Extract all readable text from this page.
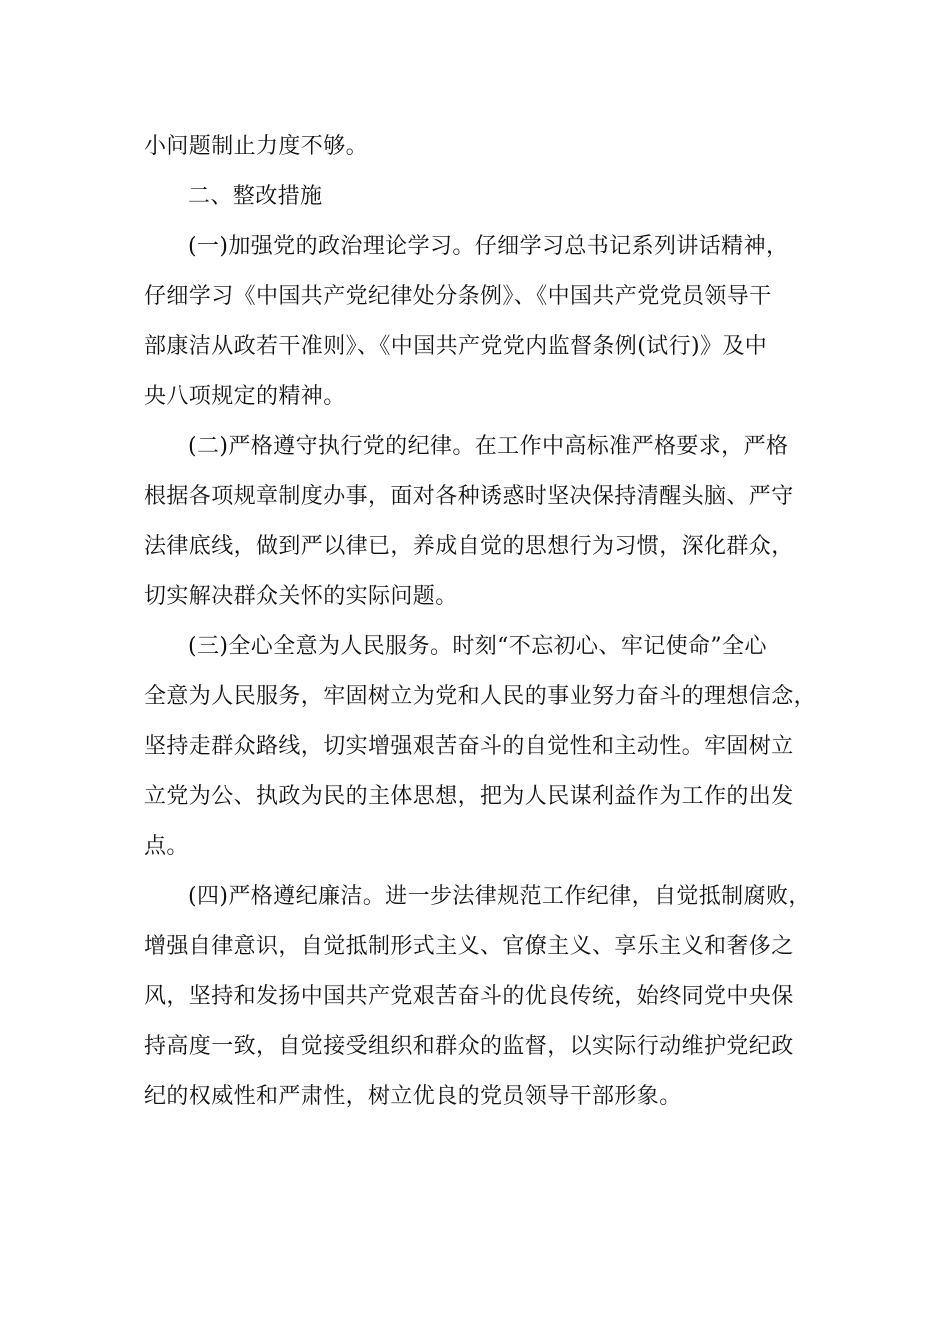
小问题制止力度不够。
二、整改措施
(一)加强党的政治理论学习。仔细学习总书记系列讲话精神，
仔细学习《中国共产党纪律处分条例》、《中国共产党党员领导干
部康洁从政若干准则》、《中国共产党党内监督条例(试行)》及中
央八项规定的精神。
(二)严格遵守执行党的纪律。在工作中高标准严格要求，严格
根据各项规章制度办事，面对各种诱惑时坚决保持清醒头脑、严守
法律底线，做到严以律已，养成自觉的思想行为习惯，深化群众，
切实解决群众关怀的实际问题。
(三)全心全意为人民服务。时刻“不忘初心、牢记使命”全心
全意为人民服务，牢固树立为党和人民的事业努力奋斗的理想信念，
坚持走群众路线，切实增强艰苦奋斗的自觉性和主动性。牢固树立
立党为公、执政为民的主体思想，把为人民谋利益作为工作的出发
点。
(四)严格遵纪廉洁。进一步法律规范工作纪律，自觉抵制腐败，
增强自律意识，自觉抵制形式主义、官僚主义、享乐主义和奢侈之
风，坚持和发扬中国共产党艰苦奋斗的优良传统，始终同党中央保
持高度一致，自觉接受组织和群众的监督，以实际行动维护党纪政
纪的权威性和严肃性，树立优良的党员领导干部形象。
